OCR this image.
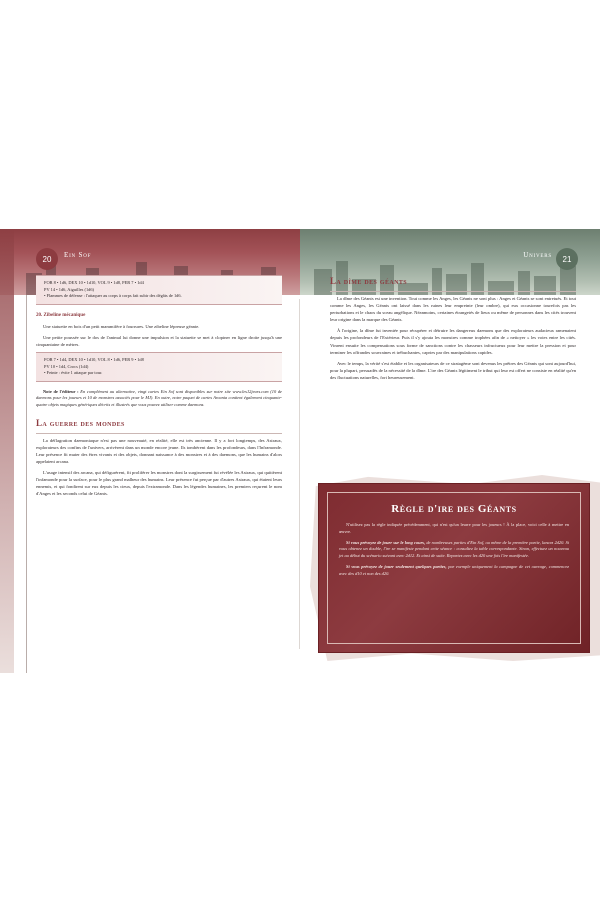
20	Ein Sof	Univers	21

FOR 8 • 1d6, DEX 10 • 1d10, VOL 9 • 1d8, PER 7 • 1d4

PV 14 • 1d6, Aiguilles (1d6)

• Flammes de défense : l'attaquer au corps à corps fait subir des dégâts de 1d6.

20. Zibeline mécanique

Une statuette en bois d'un petit mammifère à fourrures. Une zibeline lépreuse géante.

Une petite poussée sur le dos de l'animal lui donne une impulsion et la statuette se met à clopiner en ligne droite jusqu'à une cinquantaine de mètres.

FOR 7 • 1d4, DEX 10 • 1d10, VOL 8 • 1d6, PER 9 • 1d8

PV 10 • 1d4, Crocs (1d4)

• Feinte : évite 1 attaque par tour.

Note de l'éditeur : En complément au alternative, vingt cartes Ein Sof sont disponibles sur notre site www.les12jeurs.com (10 de daemons pour les joueurs et 10 de monstres associés pour le MJ). En outre, notre paquet de cartes Arcania contient également cinquante-quatre objets magiques génériques décrits et illustrés que vous pouvez utiliser comme daemons.

La guerre des mondes

La déflagration daemoniaque n'est pas une nouveauté, en réalité, elle est très ancienne. Il y a fort longtemps, des Astraux, explorateurs des confins de l'univers, arrivèrent dans un monde encore jeune. Ils tombèrent dans les profondeurs, dans l'Inframonde. Leur présence fit muter des êtres vivants et des objets, donnant naissance à des monstres et à des daemons, que les humains d'alors appelaient arcana.

L'usage intensif des arcana, qui défigurèrent, fit proliférer les monstres dont la surgissement fut révélée les Astraux, qui quittèrent l'infamonde pour la surface, pour le plus grand malheur des humains. Leur présence fut perçue par d'autres Astraux, qui étaient leurs ennemis, et qui fondirent sur eux depuis les cieux, depuis l'extramonde. Dans les légendes humaines, les premiers reçurent le nom d'Anges et les seconds celui de Géants.

La dîme des géants

La dîme des Géants est une invention. Tout comme les Anges, les Géants ne sont plus : Anges et Géants se sont entretués. Et tout comme les Anges, les Géants ont laissé dans les ruines leur empreinte (leur ombre), qui eux occasionne tourefois pas les perturbations et le chaos du sceau angélique. Néanmoins, certaines étrangetés de lieux ou même de personnes dans les cités trouvent leur origine dans la marque des Géants.

À l'origine, la dîme fut inventée pour récupérer et détruire les dangereux daemons que des explorateurs audacieux ramenaient depuis les profondeurs de l'Extérieur. Puis il s'y ajouta les monstres comme trophées afin de « nettoyer » les voies entre les cités. Vinrent ensuite les compensations sous forme de sanctions contre les chasseurs infructueux pour leur mettre la pression et pour terminer les offrandes souvraines et trébuchantes, capries par des manipulations capides.

Avec le temps, la vérité s'est établie et les organisateurs de ce stratagème sont devenus les prêtres des Géants qui sont aujourd'hui, pour la plupart, persuadés de la nécessité de la dîme. L'ire des Géants légitiment le tribut qui leur est offert ne consiste en réalité qu'en des fluctuations naturelles, fort heureusement.

Règle d'ire des Géants

N'utilisez pas la règle indiquée précédemment, qui n'est qu'un leurre pour les joueurs ! À la place, voici celle à mettre en œuvre.

Si vous prévoyez de jouer sur le long cours, de nombreuses parties d'Ein Sof, ou même de la première partie, lancez 2d20. Si vous obtenez un double, l'ire se manifeste pendant cette séance : consultez la table correspondante. Sinon, effectuez un nouveau jet au début du scénario suivant avec 2d12. Et ainsi de suite. Repartez avec les d20 une fois l'ire manifestée.

Si vous prévoyez de jouer seulement quelques parties, par exemple uniquement la campagne de cet ouvrage, commencez avec des d10 et non des d20.
